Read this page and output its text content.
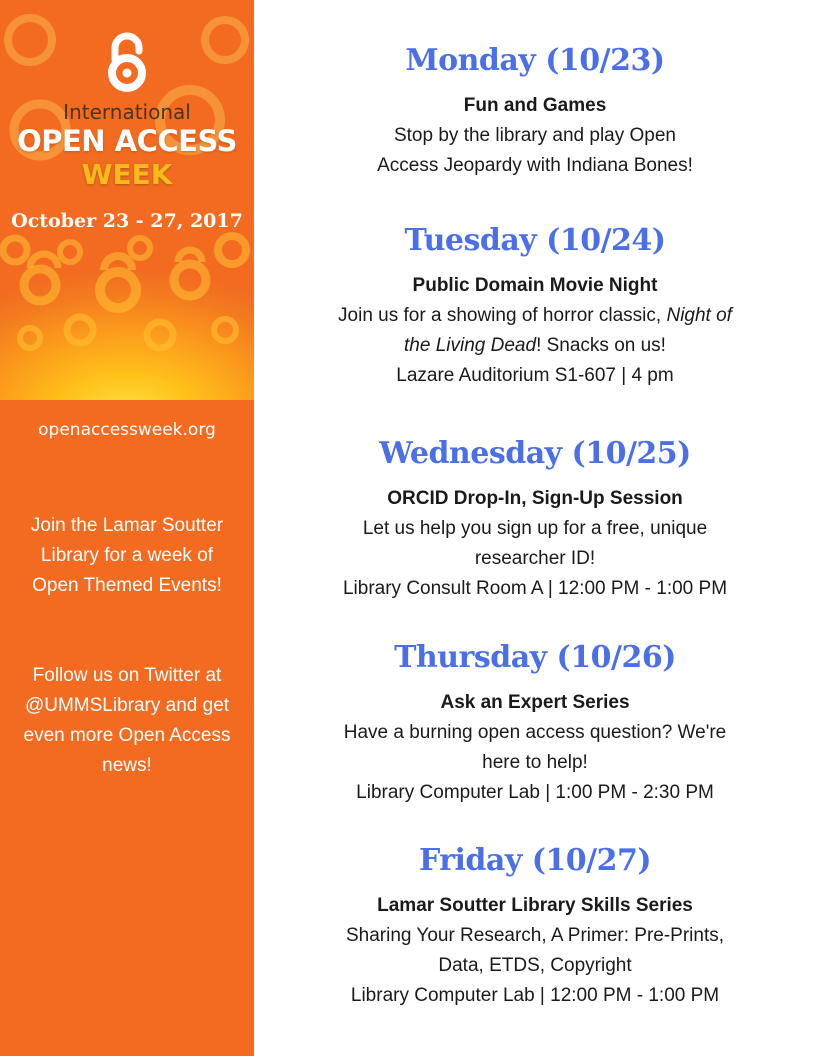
International
OPEN ACCESS
WEEK
October 23 - 27, 2017
openaccessweek.org
Join the Lamar Soutter
Library for a week of
Open Themed Events!
Follow us on Twitter at
@UMMSLibrary and get
even more Open Access
news!
Monday (10/23)
Fun and Games
Stop by the library and play Open
Access Jeopardy with Indiana Bones!
Tuesday (10/24)
Public Domain Movie Night
Join us for a showing of horror classic, Night of
the Living Dead! Snacks on us!
Lazare Auditorium S1-607 | 4 pm
Wednesday (10/25)
ORCID Drop-In, Sign-Up Session
Let us help you sign up for a free, unique
researcher ID!
Library Consult Room A | 12:00 PM - 1:00 PM
Thursday (10/26)
Ask an Expert Series
Have a burning open access question? We're
here to help!
Library Computer Lab | 1:00 PM - 2:30 PM
Friday (10/27)
Lamar Soutter Library Skills Series
Sharing Your Research, A Primer: Pre-Prints,
Data, ETDS, Copyright
Library Computer Lab | 12:00 PM - 1:00 PM
